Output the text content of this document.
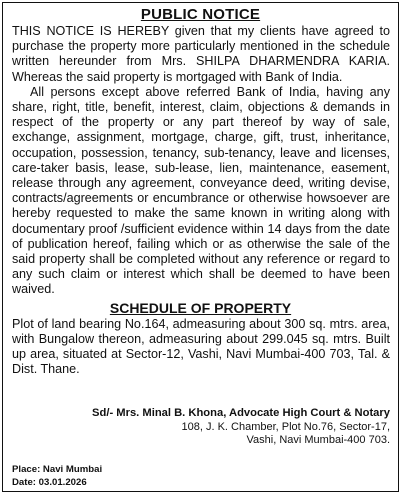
PUBLIC NOTICE

THIS NOTICE IS HEREBY given that my clients have agreed to purchase the property more particularly mentioned in the schedule written hereunder from Mrs. SHILPA DHARMENDRA KARIA. Whereas the said property is mortgaged with Bank of India.

All persons except above referred Bank of India, having any share, right, title, benefit, interest, claim, objections & demands in respect of the property or any part thereof by way of sale, exchange, assignment, mortgage, charge, gift, trust, inheritance, occupation, possession, tenancy, sub-tenancy, leave and licenses, care-taker basis, lease, sub-lease, lien, maintenance, easement, release through any agreement, conveyance deed, writing devise, contracts/agreements or encumbrance or otherwise howsoever are hereby requested to make the same known in writing along with documentary proof /sufficient evidence within 14 days from the date of publication hereof, failing which or as otherwise the sale of the said property shall be completed without any reference or regard to any such claim or interest which shall be deemed to have been waived.

SCHEDULE OF PROPERTY

Plot of land bearing No.164, admeasuring about 300 sq. mtrs. area, with Bungalow thereon, admeasuring about 299.045 sq. mtrs. Built up area, situated at Sector-12, Vashi, Navi Mumbai-400 703, Tal. & Dist. Thane.

Sd/- Mrs. Minal B. Khona, Advocate High Court & Notary
108, J. K. Chamber, Plot No.76, Sector-17,
Vashi, Navi Mumbai-400 703.
Place: Navi Mumbai
Date: 03.01.2026
